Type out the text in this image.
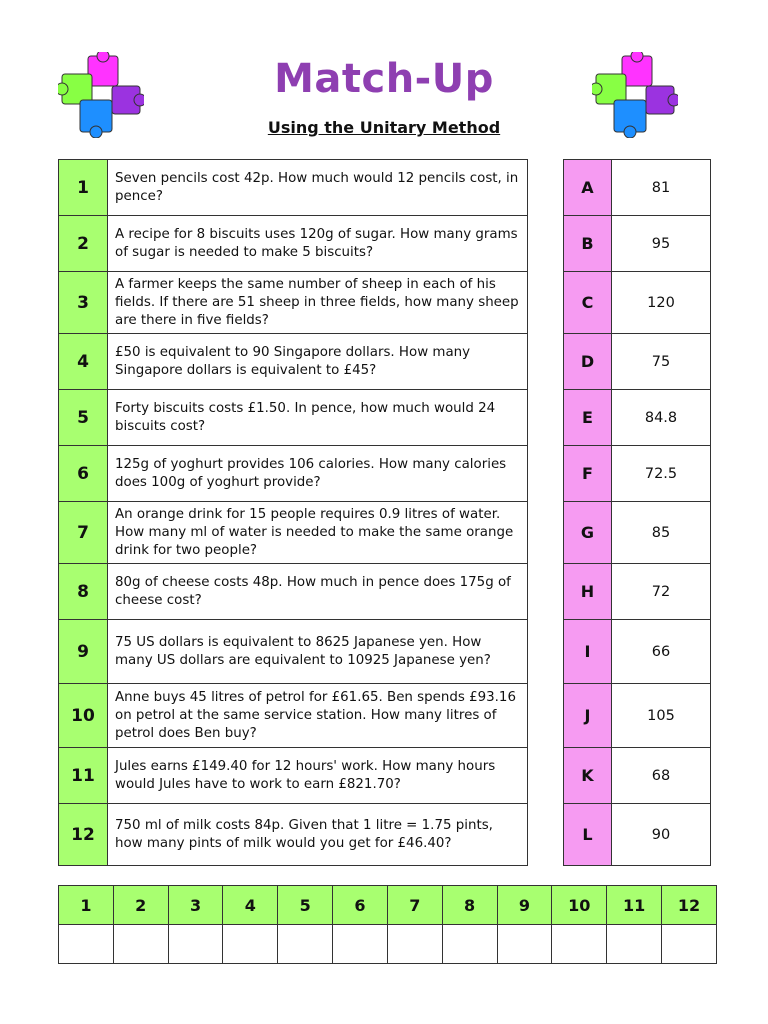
Match-Up
Using the Unitary Method
1	Seven pencils cost 42p. How much would 12 pencils cost, in pence?
2	A recipe for 8 biscuits uses 120g of sugar. How many grams of sugar is needed to make 5 biscuits?
3	A farmer keeps the same number of sheep in each of his fields. If there are 51 sheep in three fields, how many sheep are there in five fields?
4	£50 is equivalent to 90 Singapore dollars. How many Singapore dollars is equivalent to £45?
5	Forty biscuits costs £1.50. In pence, how much would 24 biscuits cost?
6	125g of yoghurt provides 106 calories. How many calories does 100g of yoghurt provide?
7	An orange drink for 15 people requires 0.9 litres of water. How many ml of water is needed to make the same orange drink for two people?
8	80g of cheese costs 48p. How much in pence does 175g of cheese cost?
9	75 US dollars is equivalent to 8625 Japanese yen. How many US dollars are equivalent to 10925 Japanese yen?
10	Anne buys 45 litres of petrol for £61.65. Ben spends £93.16 on petrol at the same service station. How many litres of petrol does Ben buy?
11	Jules earns £149.40 for 12 hours' work. How many hours would Jules have to work to earn £821.70?
12	750 ml of milk costs 84p. Given that 1 litre = 1.75 pints, how many pints of milk would you get for £46.40?
A	81
B	95
C	120
D	75
E	84.8
F	72.5
G	85
H	72
I	66
J	105
K	68
L	90
1	2	3	4	5	6	7	8	9	10	11	12
